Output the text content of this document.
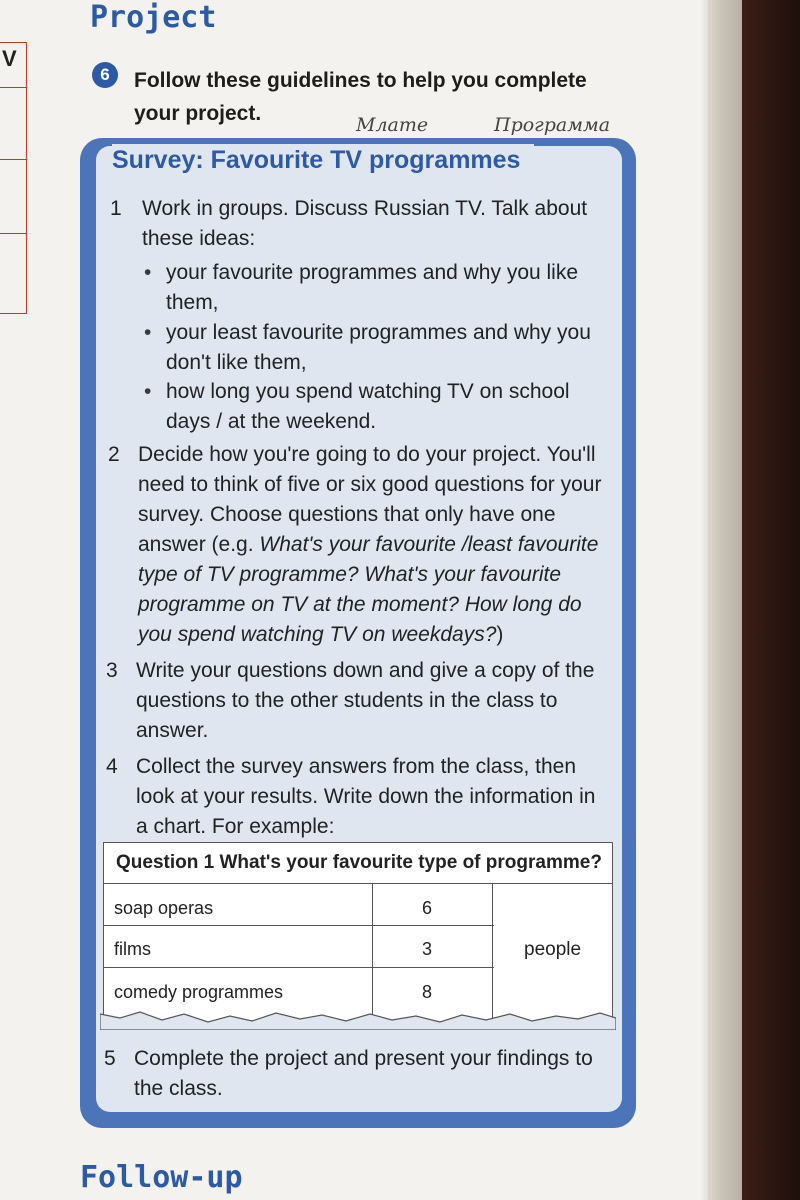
V
Project
6	Follow these guidelines to help you complete
your project.	Млате	Программа
Survey: Favourite TV programmes
1 Work in groups. Discuss Russian TV. Talk about
these ideas:
• your favourite programmes and why you like
them,
• your least favourite programmes and why you
don't like them,
• how long you spend watching TV on school
days / at the weekend.
2 Decide how you're going to do your project. You'll
need to think of five or six good questions for your
survey. Choose questions that only have one
answer (e.g. What's your favourite /least favourite
type of TV programme? What's your favourite
programme on TV at the moment? How long do
you spend watching TV on weekdays?)
3 Write your questions down and give a copy of the
questions to the other students in the class to
answer.
4 Collect the survey answers from the class, then
look at your results. Write down the information in
a chart. For example:
Question 1 What's your favourite type of programme?
soap operas	6
films	3
comedy programmes	8
people
5 Complete the project and present your findings to
the class.
Follow-up
